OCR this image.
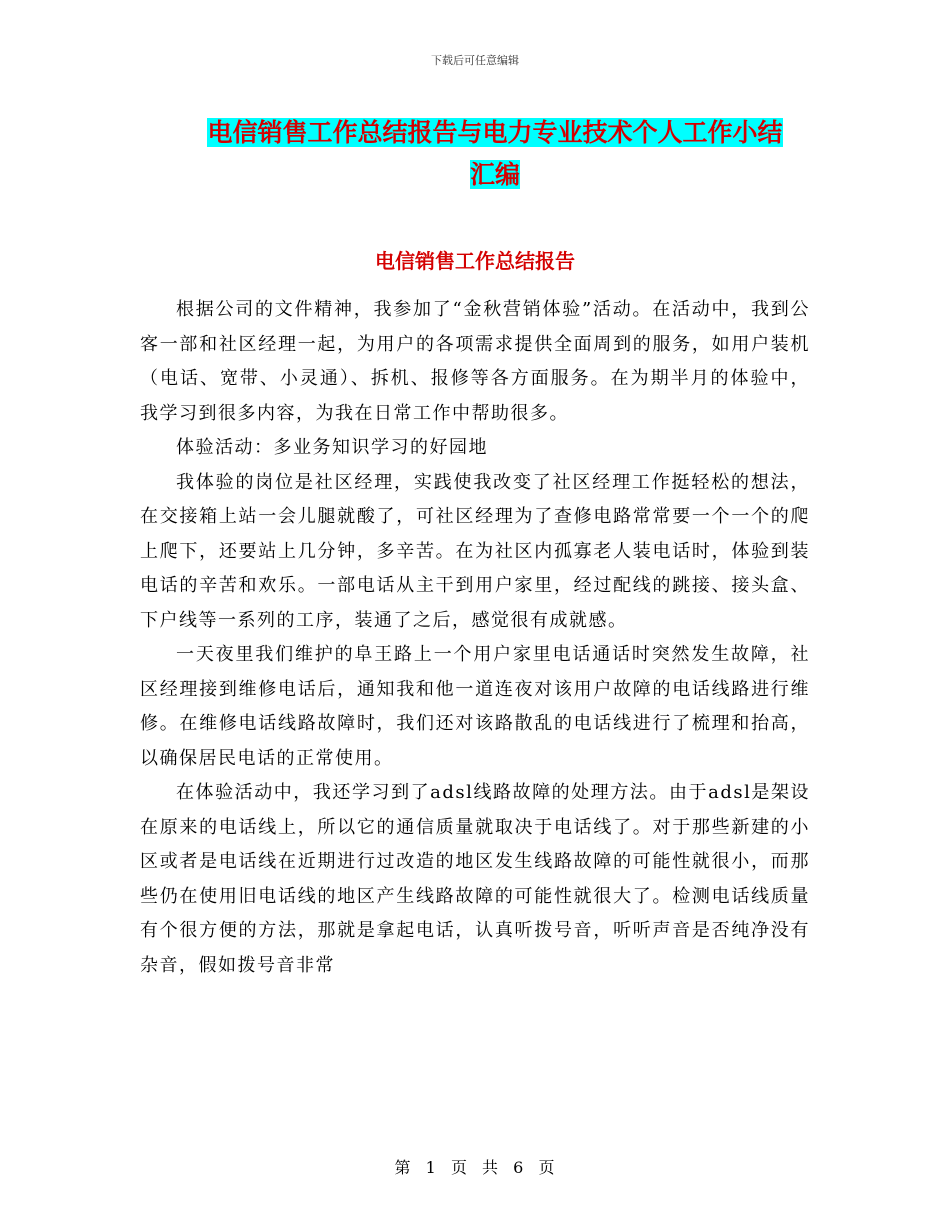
下载后可任意编辑
电信销售工作总结报告与电力专业技术个人工作小结
汇编
电信销售工作总结报告

根据公司的文件精神，我参加了“金秋营销体验”活动。在活动中，我到公客一部和社区经理一起，为用户的各项需求提供全面周到的服务，如用户装机（电话、宽带、小灵通）、拆机、报修等各方面服务。在为期半月的体验中，我学习到很多内容，为我在日常工作中帮助很多。

体验活动：多业务知识学习的好园地

我体验的岗位是社区经理，实践使我改变了社区经理工作挺轻松的想法，在交接箱上站一会儿腿就酸了，可社区经理为了查修电路常常要一个一个的爬上爬下，还要站上几分钟，多辛苦。在为社区内孤寡老人装电话时，体验到装电话的辛苦和欢乐。一部电话从主干到用户家里，经过配线的跳接、接头盒、下户线等一系列的工序，装通了之后，感觉很有成就感。

一天夜里我们维护的阜王路上一个用户家里电话通话时突然发生故障，社区经理接到维修电话后，通知我和他一道连夜对该用户故障的电话线路进行维修。在维修电话线路故障时，我们还对该路散乱的电话线进行了梳理和抬高，以确保居民电话的正常使用。

在体验活动中，我还学习到了adsl线路故障的处理方法。由于adsl是架设在原来的电话线上，所以它的通信质量就取决于电话线了。对于那些新建的小区或者是电话线在近期进行过改造的地区发生线路故障的可能性就很小，而那些仍在使用旧电话线的地区产生线路故障的可能性就很大了。检测电话线质量有个很方便的方法，那就是拿起电话，认真听拨号音，听听声音是否纯净没有杂音，假如拨号音非常

第 1 页 共 6 页
